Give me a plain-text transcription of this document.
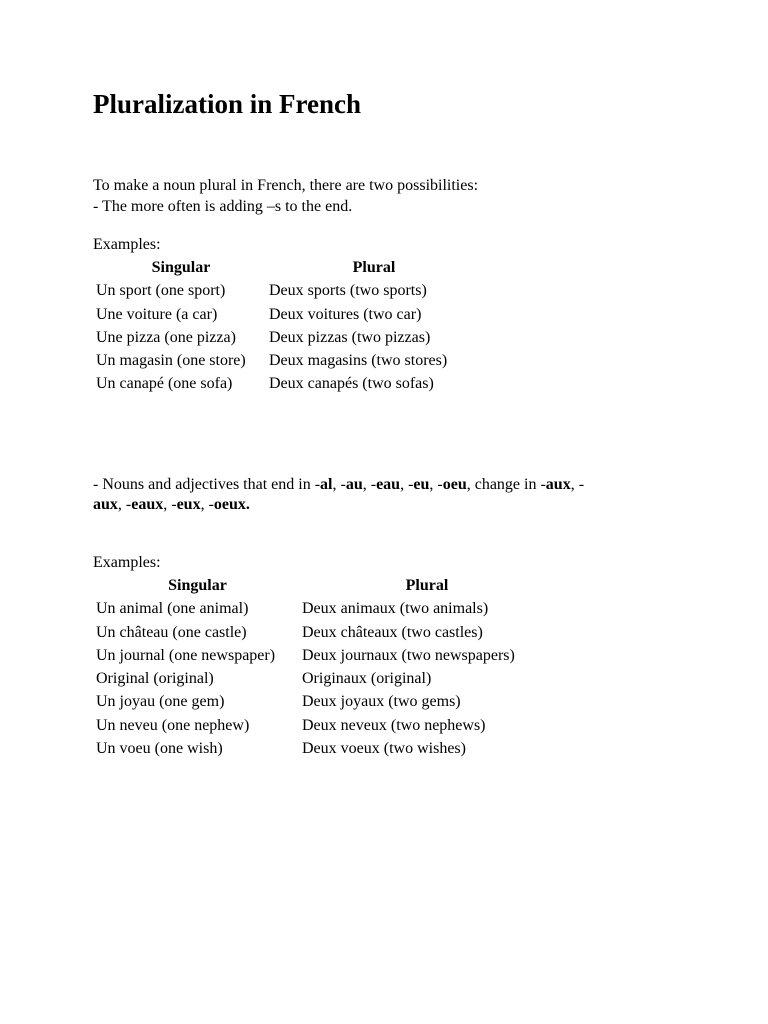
Pluralization in French
To make a noun plural in French, there are two possibilities:
- The more often is adding –s to the end.
Examples:
Singular	Plural
Un sport (one sport)	Deux sports (two sports)
Une voiture (a car)	Deux voitures (two car)
Une pizza (one pizza)	Deux pizzas (two pizzas)
Un magasin (one store)	Deux magasins (two stores)
Un canapé (one sofa)	Deux canapés (two sofas)
- Nouns and adjectives that end in -al, -au, -eau, -eu, -oeu, change in -aux, -
aux, -eaux, -eux, -oeux.
Examples:
Singular	Plural
Un animal (one animal)	Deux animaux (two animals)
Un château (one castle)	Deux châteaux (two castles)
Un journal (one newspaper)	Deux journaux (two newspapers)
Original (original)	Originaux (original)
Un joyau (one gem)	Deux joyaux (two gems)
Un neveu (one nephew)	Deux neveux (two nephews)
Un voeu (one wish)	Deux voeux (two wishes)
